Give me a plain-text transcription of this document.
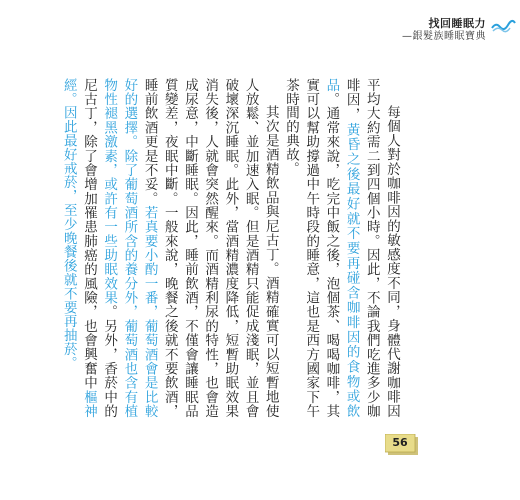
找回睡眠力
—銀髮族睡眠寶典

每個人對於咖啡因的敏感度不同，身體代謝咖啡因平均大約需二到四個小時。因此，不論我們吃進多少咖啡因，黃昏之後最好就不要再碰含咖啡因的食物或飲品。通常來說，吃完中飯之後，泡個茶、喝喝咖啡，其實可以幫助撐過中午時段的睡意，這也是西方國家下午茶時間的典故。

其次是酒精飲品與尼古丁。酒精確實可以短暫地使人放鬆、並加速入眠。但是酒精只能促成淺眠，並且會破壞深沉睡眠。此外，當酒精濃度降低，短暫助眠效果消失後，人就會突然醒來。而酒精利尿的特性，也會造成尿意，中斷睡眠。因此，睡前飲酒，不僅會讓睡眠品質變差，夜眠中斷。一般來說，晚餐之後就不要飲酒，睡前飲酒更是不妥。若真要小酌一番，葡萄酒會是比較好的選擇。除了葡萄酒所含的養分外，葡萄酒也含有植物性褪黑激素，或許有一些助眠效果。另外，香菸中的尼古丁，除了會增加罹患肺癌的風險，也會興奮中樞神經。因此最好戒菸，至少晚餐後就不要再抽菸。

56
